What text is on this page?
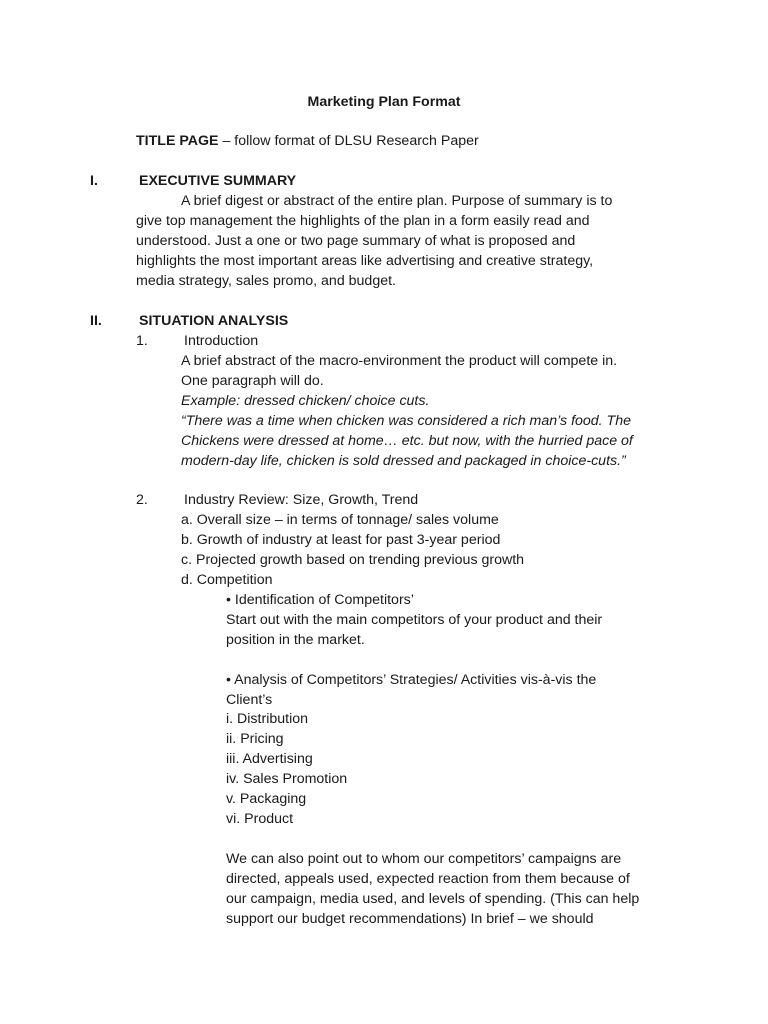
Marketing Plan Format
TITLE PAGE – follow format of DLSU Research Paper
I.	EXECUTIVE SUMMARY
A brief digest or abstract of the entire plan. Purpose of summary is to
give top management the highlights of the plan in a form easily read and
understood. Just a one or two page summary of what is proposed and
highlights the most important areas like advertising and creative strategy,
media strategy, sales promo, and budget.
II.	SITUATION ANALYSIS
1.	Introduction
A brief abstract of the macro-environment the product will compete in.
One paragraph will do.
Example: dressed chicken/ choice cuts.
“There was a time when chicken was considered a rich man’s food. The
Chickens were dressed at home… etc. but now, with the hurried pace of
modern-day life, chicken is sold dressed and packaged in choice-cuts.”
2.	Industry Review: Size, Growth, Trend
a. Overall size – in terms of tonnage/ sales volume
b. Growth of industry at least for past 3-year period
c. Projected growth based on trending previous growth
d. Competition
• Identification of Competitors’
Start out with the main competitors of your product and their
position in the market.
• Analysis of Competitors’ Strategies/ Activities vis-à-vis the
Client’s
i. Distribution
ii. Pricing
iii. Advertising
iv. Sales Promotion
v. Packaging
vi. Product
We can also point out to whom our competitors’ campaigns are
directed, appeals used, expected reaction from them because of
our campaign, media used, and levels of spending. (This can help
support our budget recommendations) In brief – we should
